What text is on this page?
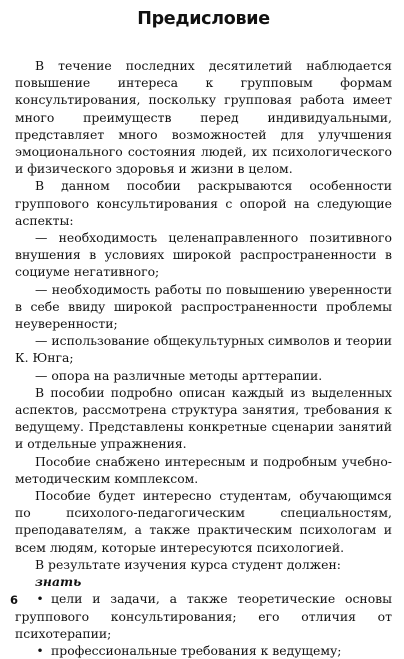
Предисловие

В течение последних десятилетий наблюдается повышение интереса к групповым формам консультирования, поскольку групповая работа имеет много преимуществ перед индивидуальными, представляет много возможностей для улучшения эмоционального состояния людей, их психологического и физического здоровья и жизни в целом.

В данном пособии раскрываются особенности группового консультирования с опорой на следующие аспекты:

— необходимость целенаправленного позитивного внушения в условиях широкой распространенности в социуме негативного;

— необходимость работы по повышению уверенности в себе ввиду широкой распространенности проблемы неуверенности;

— использование общекультурных символов и теории К. Юнга;

— опора на различные методы арттерапии.

В пособии подробно описан каждый из выделенных аспектов, рассмотрена структура занятия, требования к ведущему. Представлены конкретные сценарии занятий и отдельные упражнения.

Пособие снабжено интересным и подробным учебно-методическим комплексом.

Пособие будет интересно студентам, обучающимся по психолого-педагогическим специальностям, преподавателям, а также практическим психологам и всем людям, которые интересуются психологией.

В результате изучения курса студент должен:

знать

• цели и задачи, а также теоретические основы группового консультирования; его отличия от психотерапии;

• профессиональные требования к ведущему;

6
